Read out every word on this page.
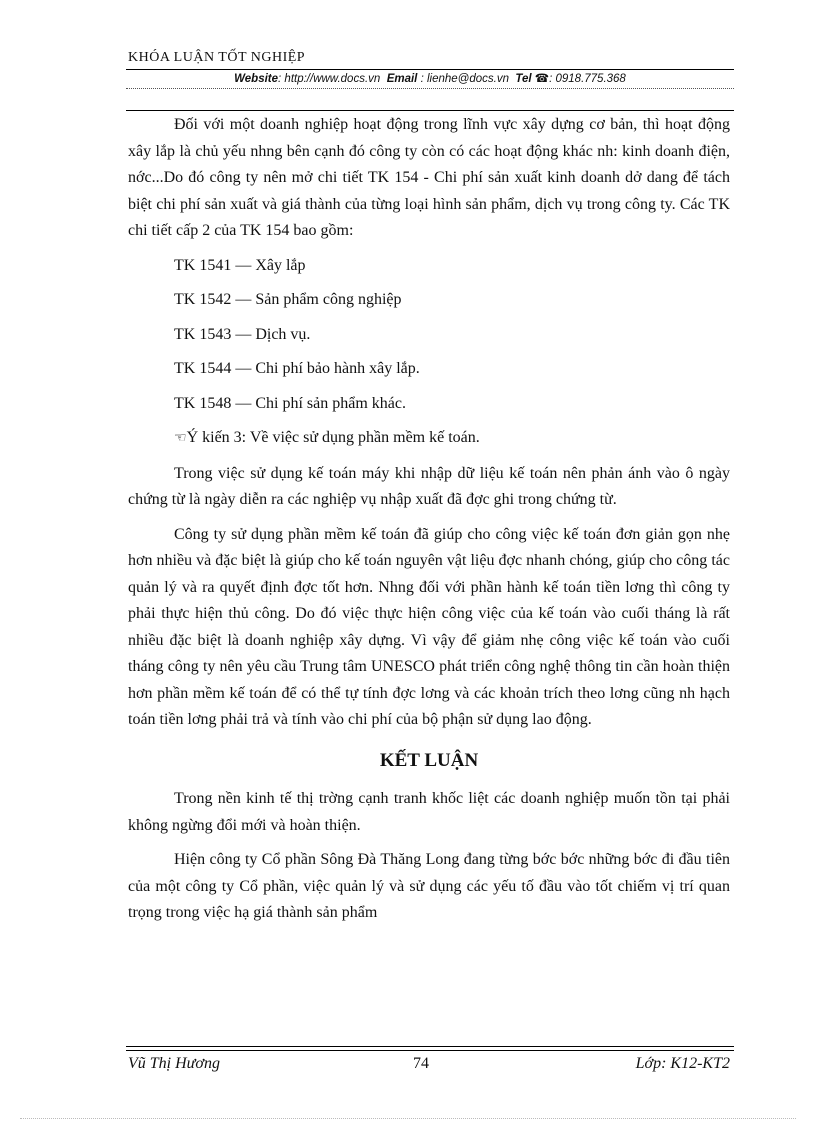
KHÓA LUẬN TỐT NGHIỆP
Website: http://www.docs.vn Email : lienhe@docs.vn Tel ☎: 0918.775.368

Đối với một doanh nghiệp hoạt động trong lĩnh vực xây dựng cơ bản, thì hoạt động xây lắp là chủ yếu nhng bên cạnh đó công ty còn có các hoạt động khác nh: kinh doanh điện, nớc...Do đó công ty nên mở chi tiết TK 154 - Chi phí sản xuất kinh doanh dở dang để tách biệt chi phí sản xuất và giá thành của từng loại hình sản phẩm, dịch vụ trong công ty. Các TK chi tiết cấp 2 của TK 154 bao gồm:

TK 1541 — Xây lắp
TK 1542 — Sản phẩm công nghiệp
TK 1543 — Dịch vụ.
TK 1544 — Chi phí bảo hành xây lắp.
TK 1548 — Chi phí sản phẩm khác.
☜Ý kiến 3: Về việc sử dụng phần mềm kế toán.

Trong việc sử dụng kế toán máy khi nhập dữ liệu kế toán nên phản ánh vào ô ngày chứng từ là ngày diễn ra các nghiệp vụ nhập xuất đã đợc ghi trong chứng từ.

Công ty sử dụng phần mềm kế toán đã giúp cho công việc kế toán đơn giản gọn nhẹ hơn nhiều và đặc biệt là giúp cho kế toán nguyên vật liệu đợc nhanh chóng, giúp cho công tác quản lý và ra quyết định đợc tốt hơn. Nhng đối với phần hành kế toán tiền lơng thì công ty phải thực hiện thủ công. Do đó việc thực hiện công việc của kế toán vào cuối tháng là rất nhiều đặc biệt là doanh nghiệp xây dựng. Vì vậy để giảm nhẹ công việc kế toán vào cuối tháng công ty nên yêu cầu Trung tâm UNESCO phát triển công nghệ thông tin cần hoàn thiện hơn phần mềm kế toán để có thể tự tính đợc lơng và các khoản trích theo lơng cũng nh hạch toán tiền lơng phải trả và tính vào chi phí của bộ phận sử dụng lao động.

KẾT LUẬN

Trong nền kinh tế thị trờng cạnh tranh khốc liệt các doanh nghiệp muốn tồn tại phải không ngừng đổi mới và hoàn thiện.

Hiện công ty Cổ phần Sông Đà Thăng Long đang từng bớc bớc những bớc đi đầu tiên của một công ty Cổ phần, việc quản lý và sử dụng các yếu tố đầu vào tốt chiếm vị trí quan trọng trong việc hạ giá thành sản phẩm

Vũ Thị Hương	74	Lớp: K12-KT2
